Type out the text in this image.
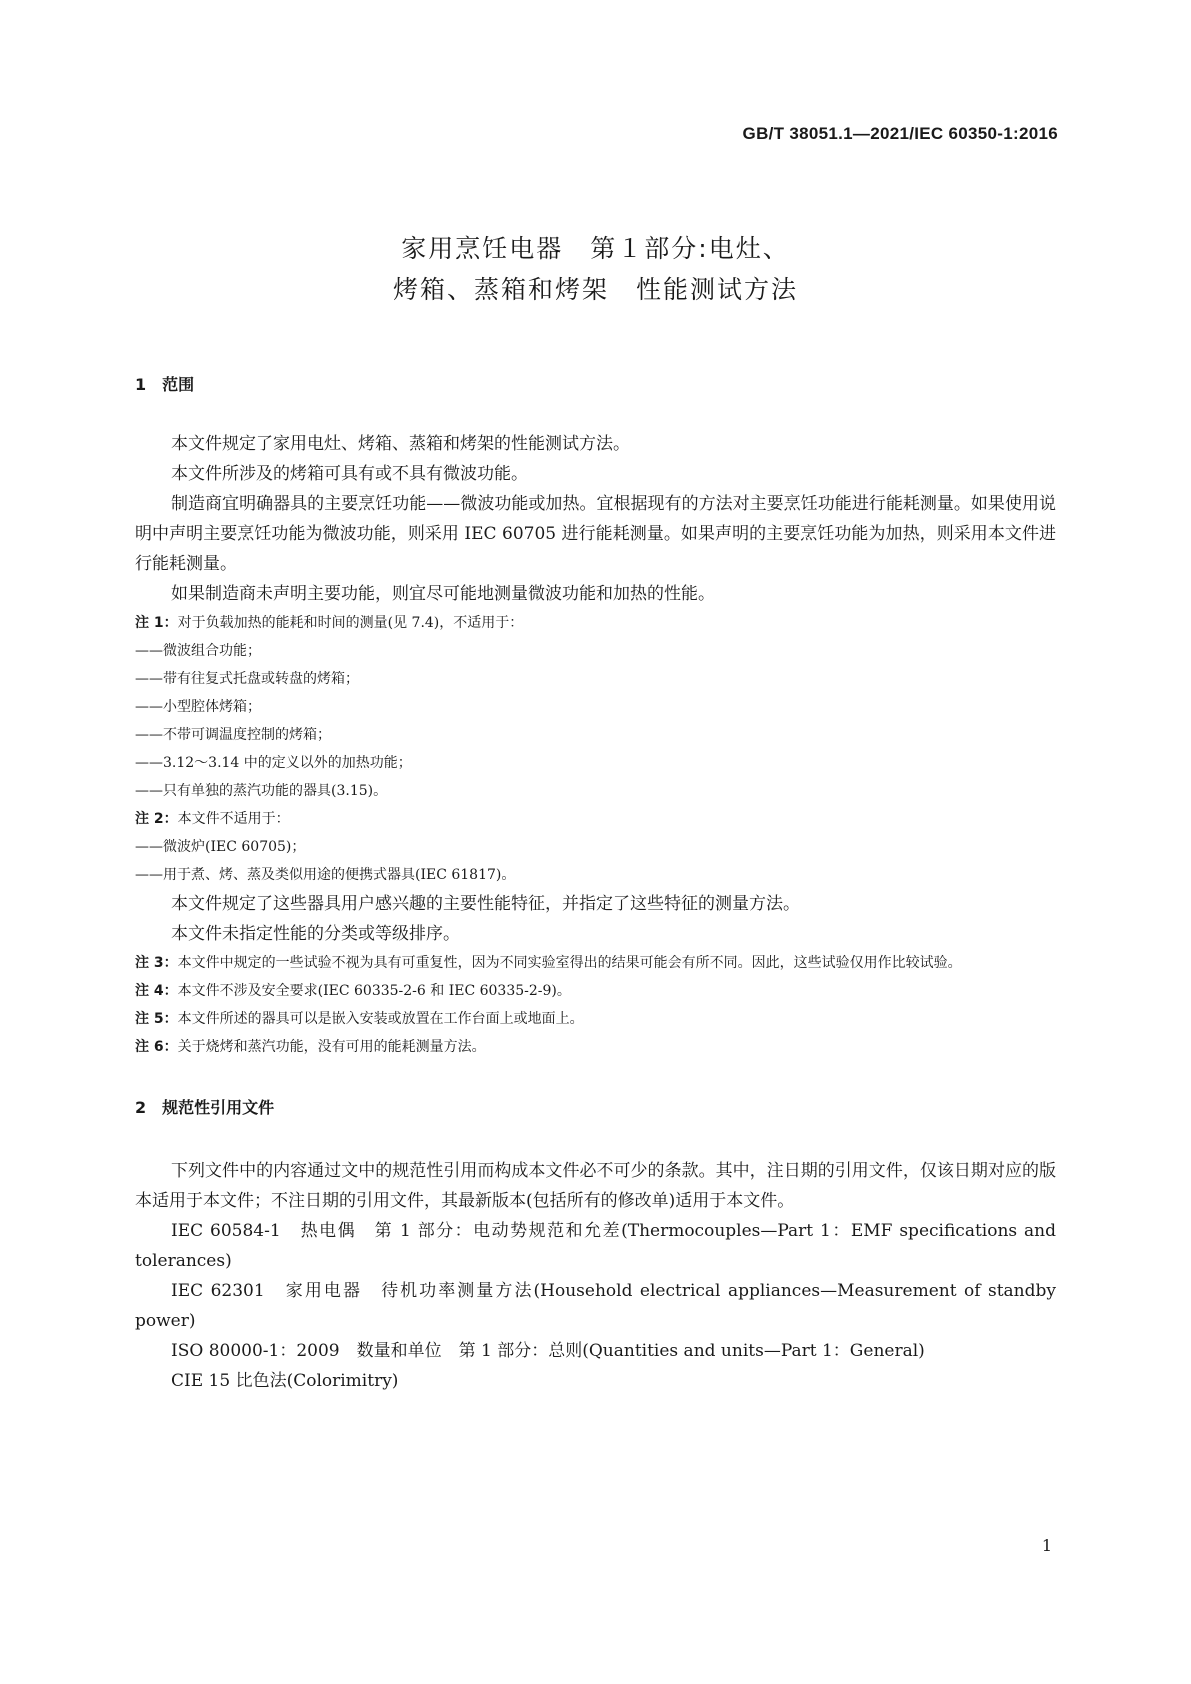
GB/T 38051.1—2021/IEC 60350-1:2016
家用烹饪电器　第１部分:电灶、
烤箱、蒸箱和烤架　性能测试方法
1　范围

本文件规定了家用电灶、烤箱、蒸箱和烤架的性能测试方法。

本文件所涉及的烤箱可具有或不具有微波功能。

制造商宜明确器具的主要烹饪功能——微波功能或加热。宜根据现有的方法对主要烹饪功能进行能耗测量。如果使用说明中声明主要烹饪功能为微波功能，则采用 IEC 60705 进行能耗测量。如果声明的主要烹饪功能为加热，则采用本文件进行能耗测量。

如果制造商未声明主要功能，则宜尽可能地测量微波功能和加热的性能。

注 1：对于负载加热的能耗和时间的测量(见 7.4)，不适用于：

——微波组合功能；

——带有往复式托盘或转盘的烤箱；

——小型腔体烤箱；

——不带可调温度控制的烤箱；

——3.12～3.14 中的定义以外的加热功能；

——只有单独的蒸汽功能的器具(3.15)。

注 2：本文件不适用于：

——微波炉(IEC 60705)；

——用于煮、烤、蒸及类似用途的便携式器具(IEC 61817)。

本文件规定了这些器具用户感兴趣的主要性能特征，并指定了这些特征的测量方法。

本文件未指定性能的分类或等级排序。

注 3：本文件中规定的一些试验不视为具有可重复性，因为不同实验室得出的结果可能会有所不同。因此，这些试验仅用作比较试验。

注 4：本文件不涉及安全要求(IEC 60335-2-6 和 IEC 60335-2-9)。

注 5：本文件所述的器具可以是嵌入安装或放置在工作台面上或地面上。

注 6：关于烧烤和蒸汽功能，没有可用的能耗测量方法。

2　规范性引用文件

下列文件中的内容通过文中的规范性引用而构成本文件必不可少的条款。其中，注日期的引用文件，仅该日期对应的版本适用于本文件；不注日期的引用文件，其最新版本(包括所有的修改单)适用于本文件。

IEC 60584-1　热电偶　第 1 部分：电动势规范和允差(Thermocouples—Part 1：EMF specifications and tolerances)

IEC 62301　家用电器　待机功率测量方法(Household electrical appliances—Measurement of standby power)

ISO 80000-1：2009　数量和单位　第 1 部分：总则(Quantities and units—Part 1：General)

CIE 15 比色法(Colorimitry)

1
